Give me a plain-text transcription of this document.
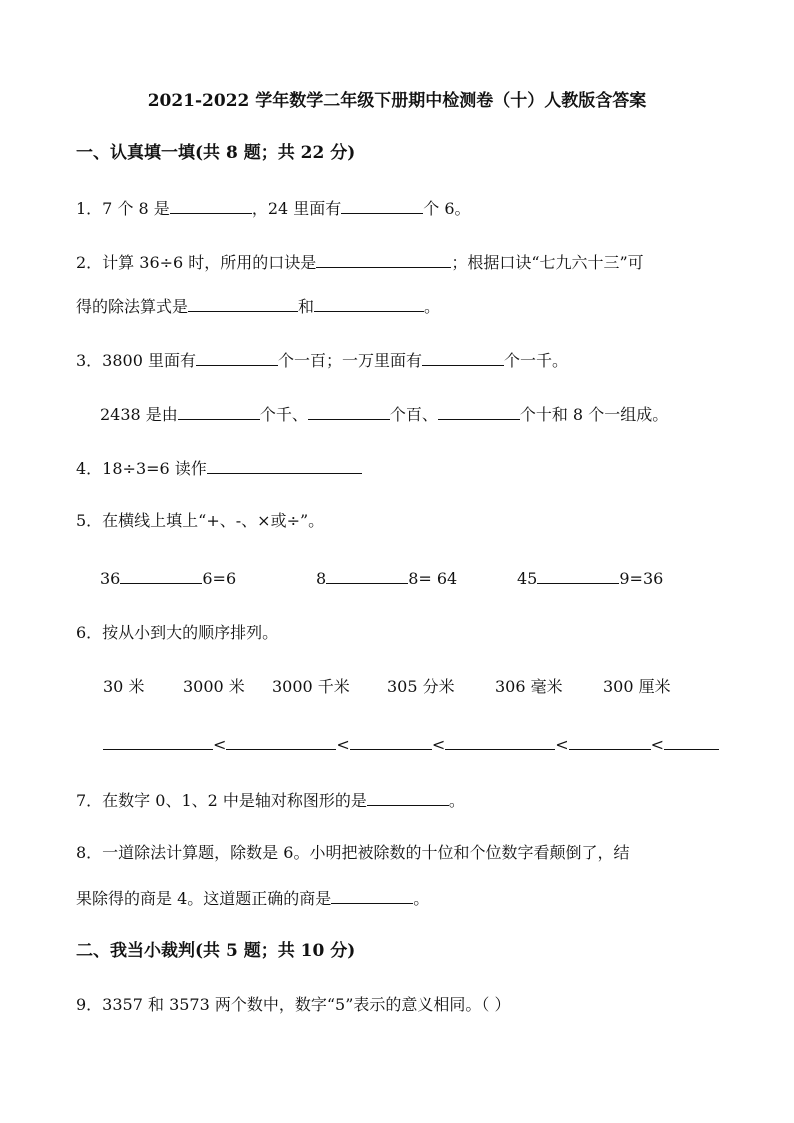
2021-2022 学年数学二年级下册期中检测卷（十）人教版含答案
一、认真填一填(共 8 题；共 22 分)
1．7 个 8 是	，24 里面有	个 6。
2．计算 36÷6 时，所用的口诀是	；根据口诀“七九六十三”可
得的除法算式是	和	。
3．3800 里面有	个一百；一万里面有	个一千。
2438 是由	个千、	个百、	个十和 8 个一组成。
4．18÷3=6 读作
5．在横线上填上“+、-、×或÷”。
36	6=6	8	8= 64	45	9=36
6．按从小到大的顺序排列。
30 米 3000 米 3000 千米 305 分米	306 毫米	300 厘米
<	<	<	<	<
7．在数字 0、1、2 中是轴对称图形的是	。
8．一道除法计算题，除数是 6。小明把被除数的十位和个位数字看颠倒了，结
果除得的商是 4。这道题正确的商是	。
二、我当小裁判(共 5 题；共 10 分)
9．3357 和 3573 两个数中，数字“5”表示的意义相同。（ ）
